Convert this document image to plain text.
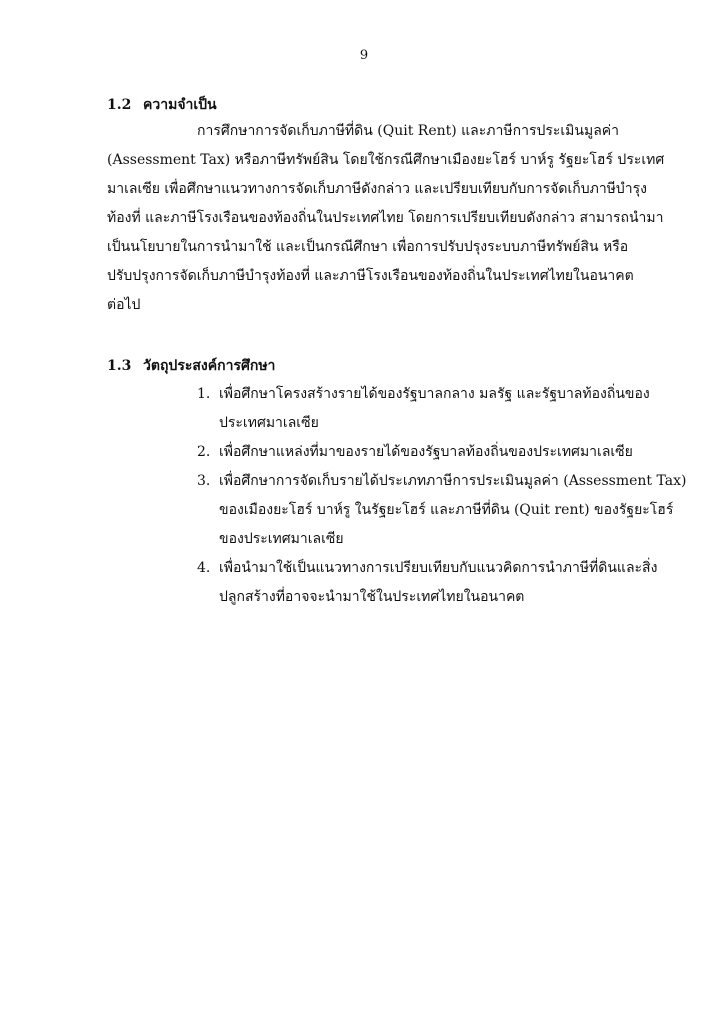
9
1.2 ความจำเป็น
การศึกษาการจัดเก็บภาษีที่ดิน (Quit Rent) และภาษีการประเมินมูลค่า
(Assessment Tax) หรือภาษีทรัพย์สิน โดยใช้กรณีศึกษาเมืองยะโฮร์ บาห์รู รัฐยะโฮร์ ประเทศ
มาเลเซีย เพื่อศึกษาแนวทางการจัดเก็บภาษีดังกล่าว และเปรียบเทียบกับการจัดเก็บภาษีบำรุง
ท้องที่ และภาษีโรงเรือนของท้องถิ่นในประเทศไทย โดยการเปรียบเทียบดังกล่าว สามารถนำมา
เป็นนโยบายในการนำมาใช้ และเป็นกรณีศึกษา เพื่อการปรับปรุงระบบภาษีทรัพย์สิน หรือ
ปรับปรุงการจัดเก็บภาษีบำรุงท้องที่ และภาษีโรงเรือนของท้องถิ่นในประเทศไทยในอนาคต
ต่อไป
1.3 วัตถุประสงค์การศึกษา
1. เพื่อศึกษาโครงสร้างรายได้ของรัฐบาลกลาง มลรัฐ และรัฐบาลท้องถิ่นของ
ประเทศมาเลเซีย
2. เพื่อศึกษาแหล่งที่มาของรายได้ของรัฐบาลท้องถิ่นของประเทศมาเลเซีย
3. เพื่อศึกษาการจัดเก็บรายได้ประเภทภาษีการประเมินมูลค่า (Assessment Tax)
ของเมืองยะโฮร์ บาห์รู ในรัฐยะโฮร์ และภาษีที่ดิน (Quit rent) ของรัฐยะโฮร์
ของประเทศมาเลเซีย
4. เพื่อนำมาใช้เป็นแนวทางการเปรียบเทียบกับแนวคิดการนำภาษีที่ดินและสิ่ง
ปลูกสร้างที่อาจจะนำมาใช้ในประเทศไทยในอนาคต
